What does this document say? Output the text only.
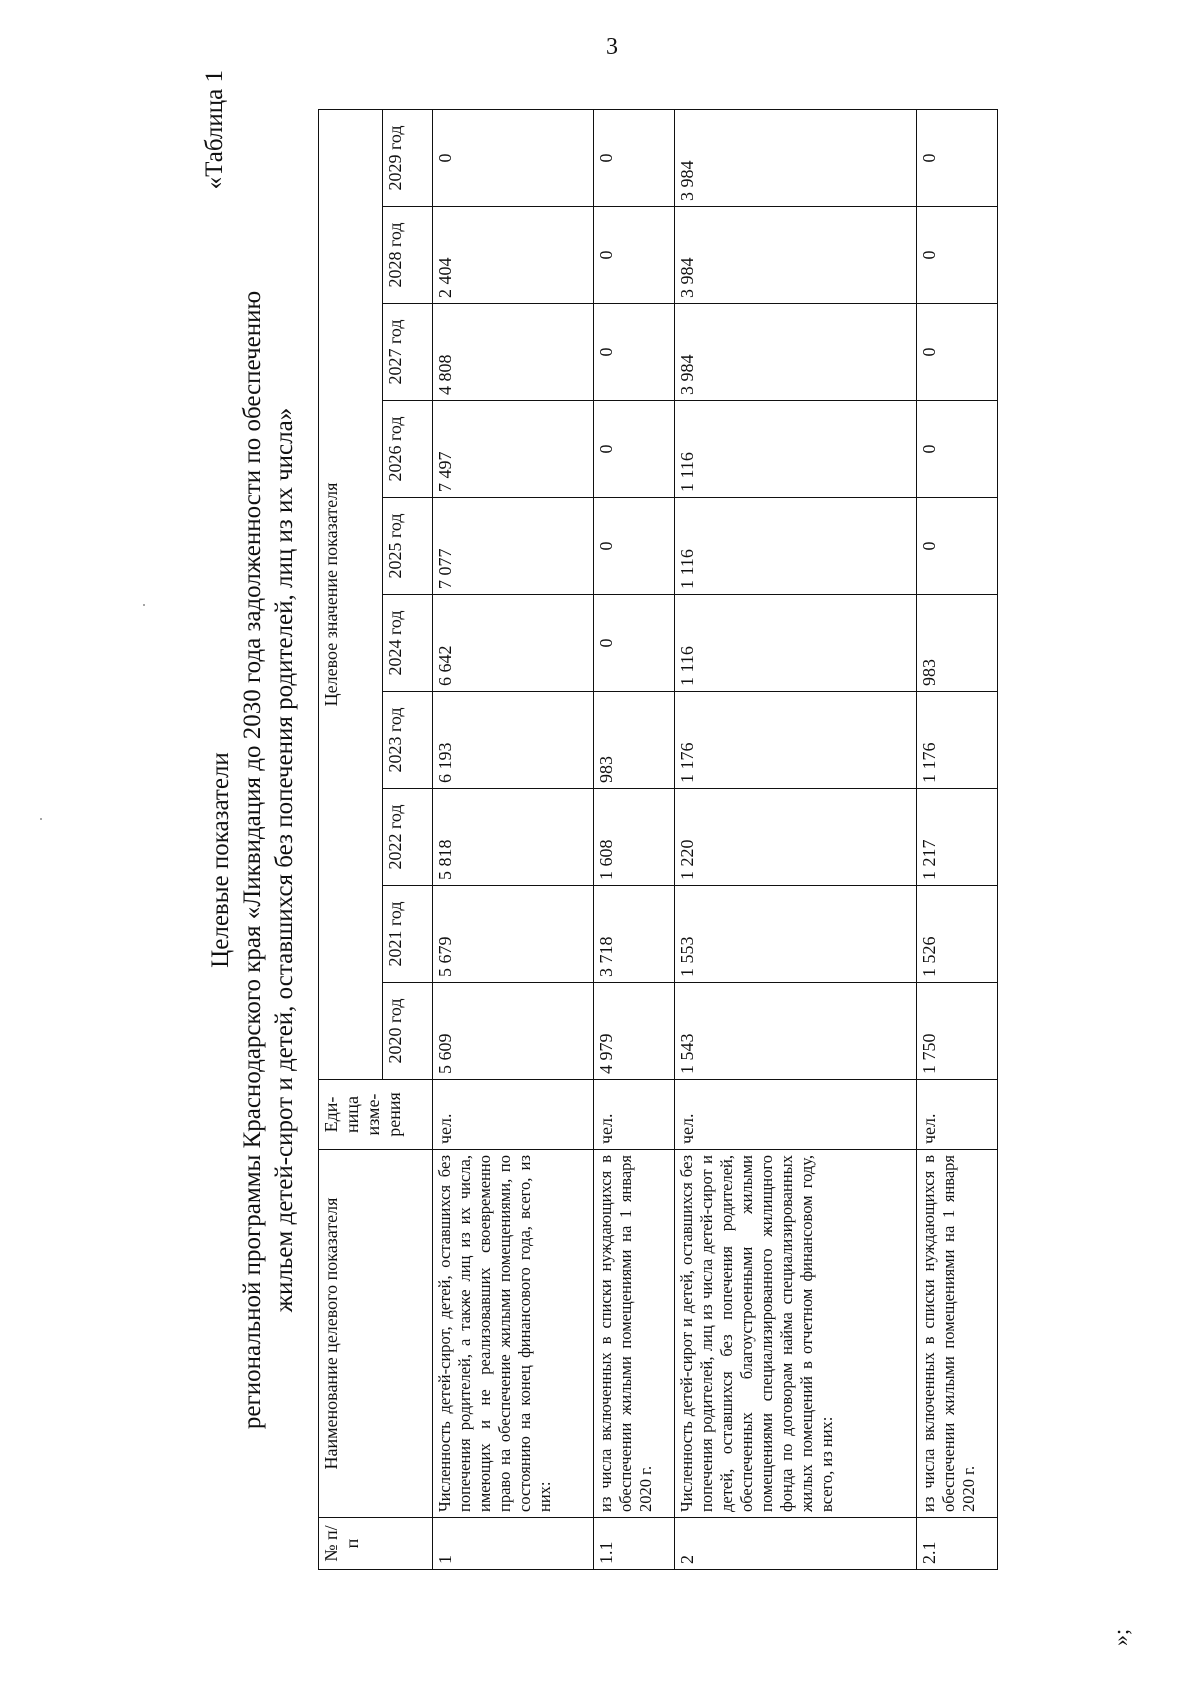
3
«Таблица 1
Целевые показатели региональной программы Краснодарского края «Ликвидация до 2030 года задолженности по обеспечению жильем детей-сирот и детей, оставшихся без попечения родителей, лиц из их числа»
№ п/п	Наименование целевого показателя	Еди-ница изме-рения	Целевое значение показателя									
			2020 год	2021 год	2022 год	2023 год	2024 год	2025 год	2026 год	2027 год	2028 год	2029 год
1	Численность детей-сирот, детей, оставшихся без попечения родителей, а также лиц из их числа, имеющих и не реализовавших своевременно право на обеспечение жилыми помещениями, по состоянию на конец финансового года, всего, из них:	чел.	5 609	5 679	5 818	6 193	6 642	7 077	7 497	4 808	2 404	0
1.1	из числа включенных в списки нуждающихся в обеспечении жилыми помещениями на 1 января 2020 г.	чел.	4 979	3 718	1 608	983	0	0	0	0	0	0
2	Численность детей-сирот и детей, оставшихся без попечения родителей, лиц из числа детей-сирот и детей, оставшихся без попечения родителей, обеспеченных благоустроенными жилыми помещениями специализированного жилищного фонда по договорам найма специализированных жилых помещений в отчетном финансовом году, всего, из них:	чел.	1 543	1 553	1 220	1 176	1 116	1 116	1 116	3 984	3 984	3 984
2.1	из числа включенных в списки нуждающихся в обеспечении жилыми помещениями на 1 января 2020 г.	чел.	1 750	1 526	1 217	1 176	983	0	0	0	0	0
»;
